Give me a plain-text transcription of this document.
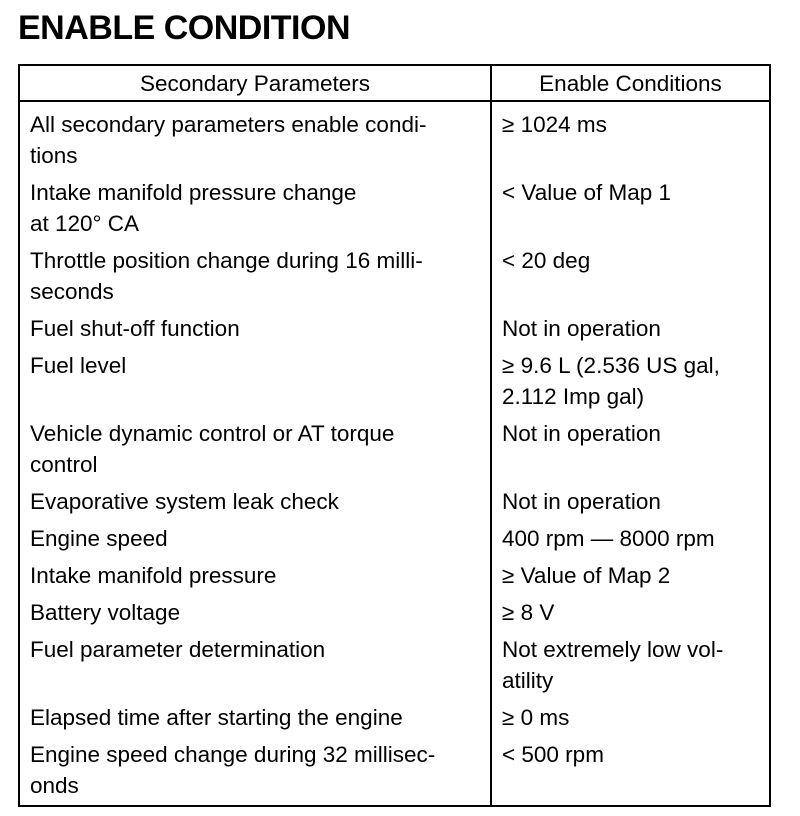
ENABLE CONDITION
Secondary Parameters	Enable Conditions

All secondary parameters enable condi-
tions	≥ 1024 ms

Intake manifold pressure change
at 120° CA	< Value of Map 1

Throttle position change during 16 milli-
seconds	< 20 deg

Fuel shut-off function	Not in operation

Fuel level	≥ 9.6 L (2.536 US gal,
2.112 Imp gal)

Vehicle dynamic control or AT torque
control	Not in operation

Evaporative system leak check	Not in operation

Engine speed	400 rpm — 8000 rpm

Intake manifold pressure	≥ Value of Map 2

Battery voltage	≥ 8 V

Fuel parameter determination	Not extremely low vol-
atility

Elapsed time after starting the engine	≥ 0 ms

Engine speed change during 32 millisec-
onds	< 500 rpm
